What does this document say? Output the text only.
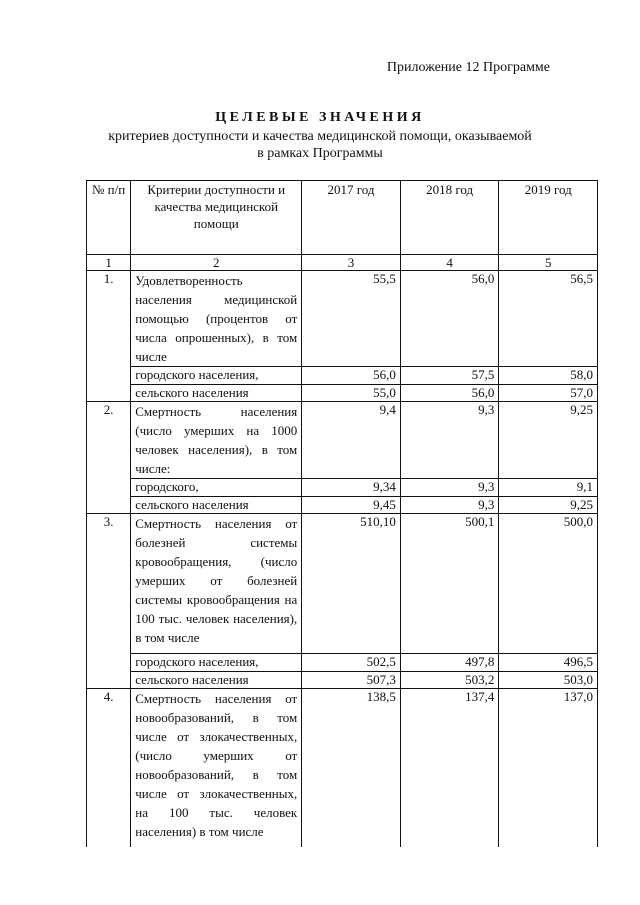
Приложение 12 Программе
ЦЕЛЕВЫЕ ЗНАЧЕНИЯ
критериев доступности и качества медицинской помощи, оказываемой
в рамках Программы
№ п/п	Критерии доступности и качества медицинской помощи	2017 год	2018 год	2019 год
1	2	3	4	5
1.	Удовлетворенность населения медицинской помощью (процентов от числа опрошенных), в том числе	55,5	56,0	56,5
	городского населения,	56,0	57,5	58,0
	сельского населения	55,0	56,0	57,0
2.	Смертность населения (число умерших на 1000 человек населения), в том числе:	9,4	9,3	9,25
	городского,	9,34	9,3	9,1
	сельского населения	9,45	9,3	9,25
3.	Смертность населения от болезней системы кровообращения, (число умерших от болезней системы кровообращения на 100 тыс. человек населения), в том числе	510,10	500,1	500,0
	городского населения,	502,5	497,8	496,5
	сельского населения	507,3	503,2	503,0
4.	Смертность населения от новообразований, в том числе от злокачественных, (число умерших от новообразований, в том числе от злокачественных, на 100 тыс. человек населения) в том числе	138,5	137,4	137,0
